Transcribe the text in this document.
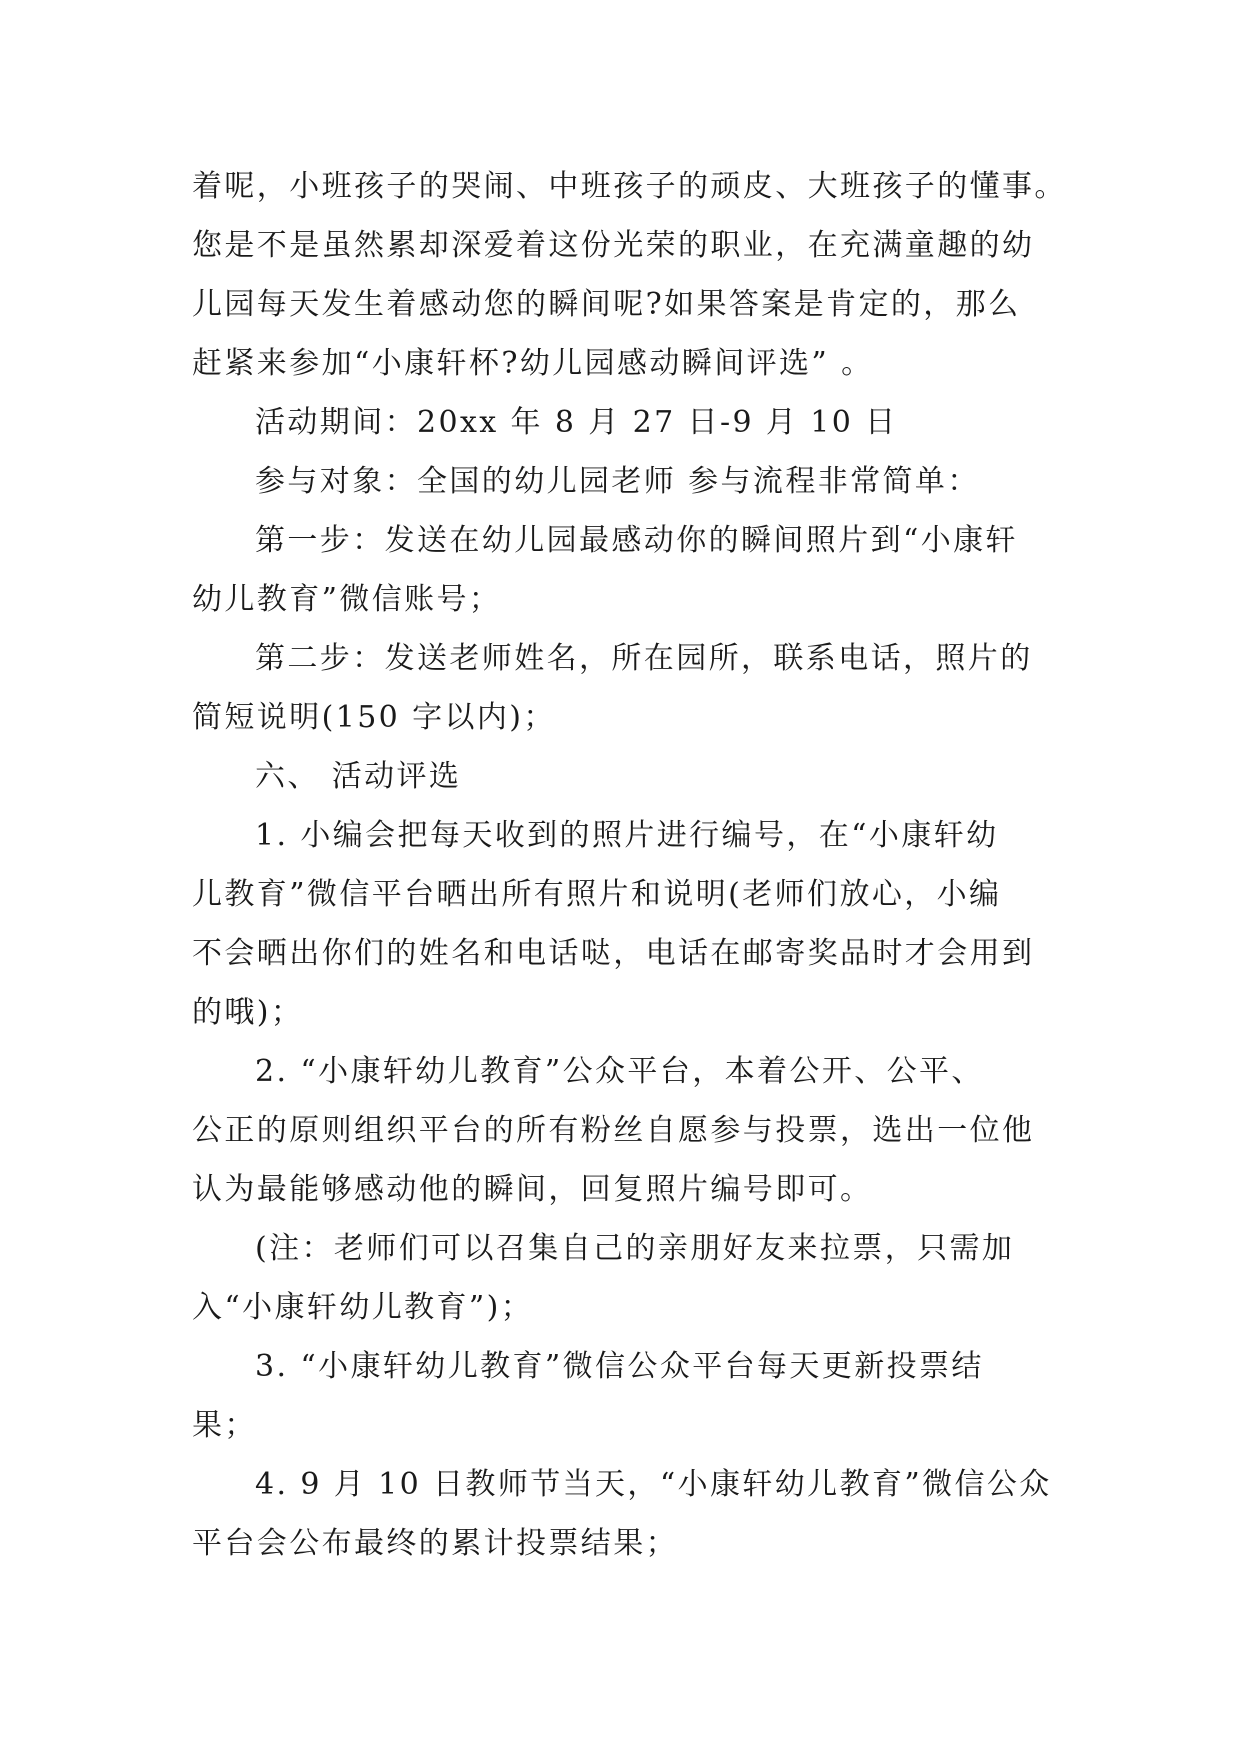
着呢，小班孩子的哭闹、中班孩子的顽皮、大班孩子的懂事。
您是不是虽然累却深爱着这份光荣的职业，在充满童趣的幼
儿园每天发生着感动您的瞬间呢?如果答案是肯定的，那么
赶紧来参加“小康轩杯?幼儿园感动瞬间评选” 。

活动期间：20xx 年 8 月 27 日-9 月 10 日

参与对象：全国的幼儿园老师 参与流程非常简单：

第一步：发送在幼儿园最感动你的瞬间照片到“小康轩
幼儿教育”微信账号；

第二步：发送老师姓名，所在园所，联系电话，照片的
简短说明(150 字以内)；

六、 活动评选

1. 小编会把每天收到的照片进行编号，在“小康轩幼
儿教育”微信平台晒出所有照片和说明(老师们放心，小编
不会晒出你们的姓名和电话哒，电话在邮寄奖品时才会用到
的哦)；

2. “小康轩幼儿教育”公众平台，本着公开、公平、
公正的原则组织平台的所有粉丝自愿参与投票，选出一位他
认为最能够感动他的瞬间，回复照片编号即可。

(注：老师们可以召集自己的亲朋好友来拉票，只需加
入“小康轩幼儿教育”)；

3. “小康轩幼儿教育”微信公众平台每天更新投票结
果；

4. 9 月 10 日教师节当天，“小康轩幼儿教育”微信公众
平台会公布最终的累计投票结果；
